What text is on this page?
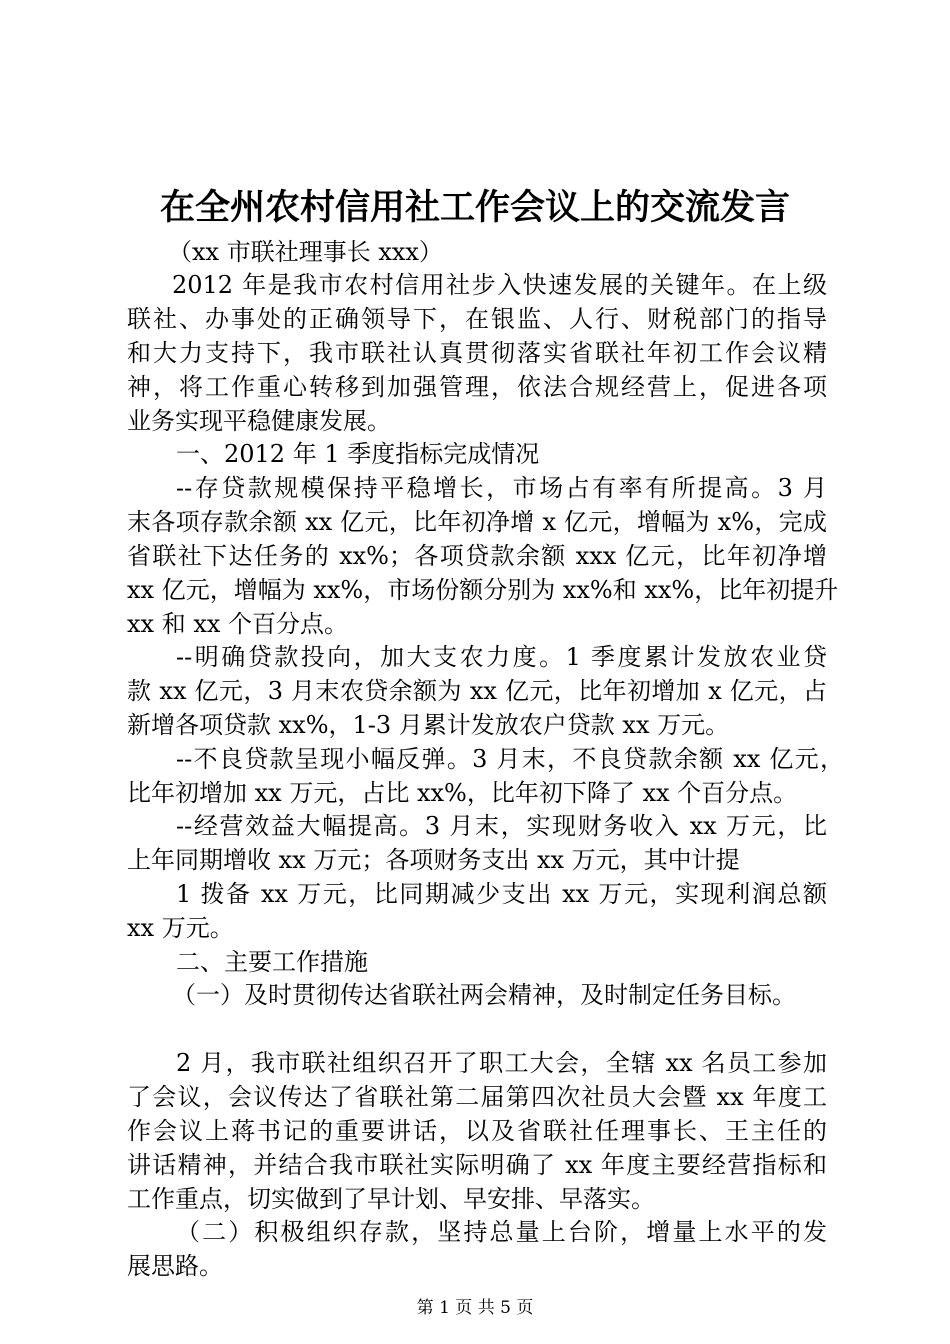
在全州农村信用社工作会议上的交流发言
（xx 市联社理事长 xxx）
2012 年是我市农村信用社步入快速发展的关键年。在上级
联社、办事处的正确领导下，在银监、人行、财税部门的指导
和大力支持下，我市联社认真贯彻落实省联社年初工作会议精
神，将工作重心转移到加强管理，依法合规经营上，促进各项
业务实现平稳健康发展。
一、2012 年 1 季度指标完成情况
--存贷款规模保持平稳增长，市场占有率有所提高。3 月
末各项存款余额 xx 亿元，比年初净增 x 亿元，增幅为 x%，完成
省联社下达任务的 xx%；各项贷款余额 xxx 亿元，比年初净增
xx 亿元，增幅为 xx%，市场份额分别为 xx%和 xx%，比年初提升
xx 和 xx 个百分点。
--明确贷款投向，加大支农力度。1 季度累计发放农业贷
款 xx 亿元，3 月末农贷余额为 xx 亿元，比年初增加 x 亿元，占
新增各项贷款 xx%，1-3 月累计发放农户贷款 xx 万元。
--不良贷款呈现小幅反弹。3 月末，不良贷款余额 xx 亿元，
比年初增加 xx 万元，占比 xx%，比年初下降了 xx 个百分点。
--经营效益大幅提高。3 月末，实现财务收入 xx 万元，比
上年同期增收 xx 万元；各项财务支出 xx 万元，其中计提
1 拨备 xx 万元，比同期减少支出 xx 万元，实现利润总额
xx 万元。
二、主要工作措施
（一）及时贯彻传达省联社两会精神，及时制定任务目标。
2 月，我市联社组织召开了职工大会，全辖 xx 名员工参加
了会议，会议传达了省联社第二届第四次社员大会暨 xx 年度工
作会议上蒋书记的重要讲话，以及省联社任理事长、王主任的
讲话精神，并结合我市联社实际明确了 xx 年度主要经营指标和
工作重点，切实做到了早计划、早安排、早落实。
（二）积极组织存款，坚持总量上台阶，增量上水平的发
展思路。
第 1 页 共 5 页
